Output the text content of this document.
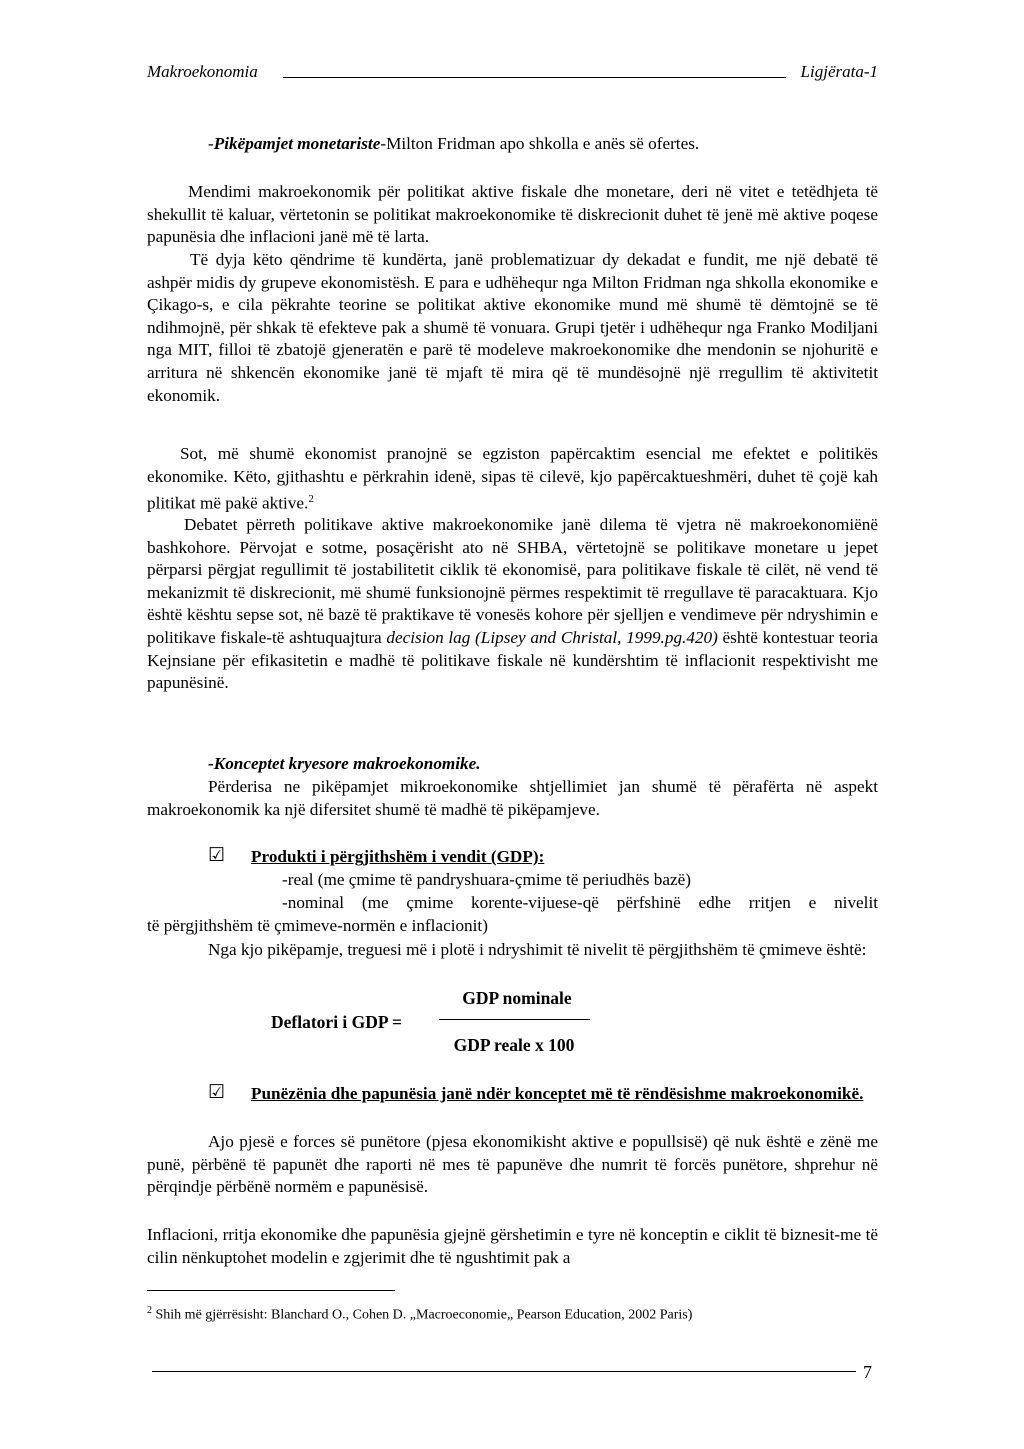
Makroekonomia	Ligjërata-1
-Pikëpamjet monetariste-Milton Fridman apo shkolla e anës së ofertes.

Mendimi makroekonomik për politikat aktive fiskale dhe monetare, deri në vitet e tetëdhjeta të shekullit të kaluar, vërtetonin se politikat makroekonomike të diskrecionit duhet të jenë më aktive poqese papunësia dhe inflacioni janë më të larta.

Të dyja këto qëndrime të kundërta, janë problematizuar dy dekadat e fundit, me një debatë të ashpër midis dy grupeve ekonomistësh. E para e udhëhequr nga Milton Fridman nga shkolla ekonomike e Çikago-s, e cila pëkrahte teorine se politikat aktive ekonomike mund më shumë të dëmtojnë se të ndihmojnë, për shkak të efekteve pak a shumë të vonuara. Grupi tjetër i udhëhequr nga Franko Modiljani nga MIT, filloi të zbatojë gjeneratën e parë të modeleve makroekonomike dhe mendonin se njohuritë e arritura në shkencën ekonomike janë të mjaft të mira që të mundësojnë një rregullim të aktivitetit ekonomik.

Sot, më shumë ekonomist pranojnë se egziston papërcaktim esencial me efektet e politikës ekonomike. Këto, gjithashtu e përkrahin idenë, sipas të cilevë, kjo papërcaktueshmëri, duhet të çojë kah plitikat më pakë aktive.$^2$

Debatet përreth politikave aktive makroekonomike janë dilema të vjetra në makroekonomiënë bashkohore. Përvojat e sotme, posaçërisht ato në SHBA, vërtetojnë se politikave monetare u jepet përparsi përgjat regullimit të jostabilitetit ciklik të ekonomisë, para politikave fiskale të cilët, në vend të mekanizmit të diskrecionit, më shumë funksionojnë përmes respektimit të rregullave të paracaktuara. Kjo është kështu sepse sot, në bazë të praktikave të vonesës kohore për sjelljen e vendimeve për ndryshimin e politikave fiskale-të ashtuquajtura decision lag (Lipsey and Christal, 1999.pg.420) është kontestuar teoria Kejnsiane për efikasitetin e madhë të politikave fiskale në kundërshtim të inflacionit respektivisht me papunësinë.

-Konceptet kryesore makroekonomike.

Përderisa ne pikëpamjet mikroekonomike shtjellimiet jan shumë të përafërta në aspekt makroekonomik ka një difersitet shumë të madhë të pikëpamjeve.

☑ Produkti i përgjithshëm i vendit (GDP):
-real (me çmime të pandryshuara-çmime të periudhës bazë)
-nominal (me çmime korente-vijuese-që përfshinë edhe rritjen e nivelit
të përgjithshëm të çmimeve-normën e inflacionit)

Nga kjo pikëpamje, treguesi më i plotë i ndryshimit të nivelit të përgjithshëm të çmimeve është:

Deflatori i GDP =
GDP nominale
GDP reale x 100
☑ Punëzënia dhe papunësia janë ndër konceptet më të rëndësishme makroekonomikë.

Ajo pjesë e forces së punëtore (pjesa ekonomikisht aktive e popullsisë) që nuk është e zënë me punë, përbënë të papunët dhe raporti në mes të papunëve dhe numrit të forcës punëtore, shprehur në përqindje përbënë normëm e papunësisë.

Inflacioni, rritja ekonomike dhe papunësia gjejnë gërshetimin e tyre në konceptin e ciklit të biznesit-me të cilin nënkuptohet modelin e zgjerimit dhe të ngushtimit pak a

$^2$ Shih më gjërrësisht: Blanchard O., Cohen D. „Macroeconomie„ Pearson Education, 2002 Paris)
7
